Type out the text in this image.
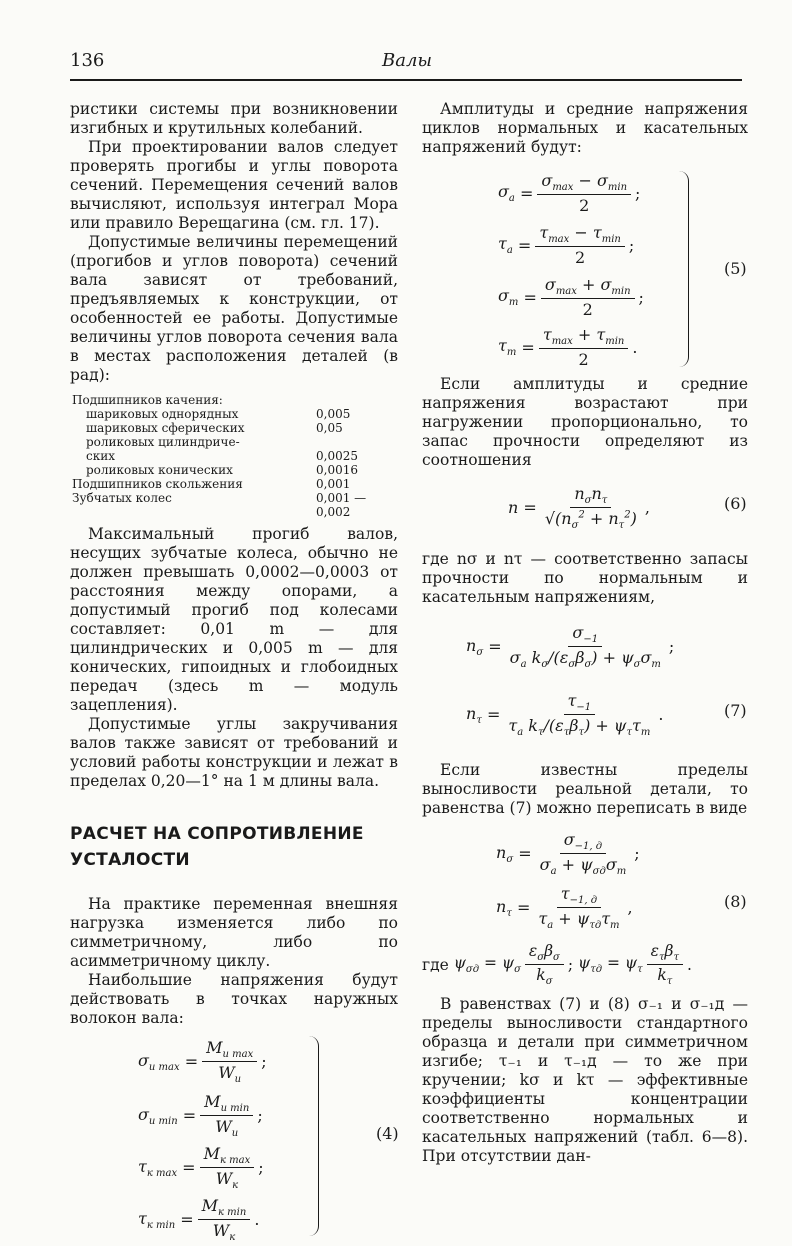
136	Валы

ристики системы при возникновении изгибных и крутильных колебаний.

При проектировании валов следует проверять прогибы и углы поворота сечений. Перемещения сечений валов вычисляют, используя интеграл Мора или правило Верещагина (см. гл. 17).

Допустимые величины перемещений (прогибов и углов поворота) сечений вала зависят от требований, предъявляемых к конструкции, от особенностей ее работы. Допустимые величины углов поворота сечения вала в местах расположения деталей (в рад):

Подшипников качения:
шариковых однорядных	0,005
шариковых сферических	0,05
роликовых цилиндриче-
ских	0,0025
роликовых конических	0,0016
Подшипников скольжения	0,001
Зубчатых колес	0,001 — 0,002

Максимальный прогиб валов, несущих зубчатые колеса, обычно не должен превышать 0,0002—0,0003 от расстояния между опорами, а допустимый прогиб под колесами составляет: 0,01 m — для цилиндрических и 0,005 m — для конических, гипоидных и глобоидных передач (здесь m — модуль зацепления).

Допустимые углы закручивания валов также зависят от требований и условий работы конструкции и лежат в пределах 0,20—1° на 1 м длины вала.

РАСЧЕТ НА СОПРОТИВЛЕНИЕ
УСТАЛОСТИ

На практике переменная внешняя нагрузка изменяется либо по симметричному, либо по асимметричному циклу.

Наибольшие напряжения будут действовать в точках наружных волокон вала:

$\sigma_{и max} = \frac{M_{и max}}{W_и}$ ;
$\sigma_{и min} = \frac{M_{и min}}{W_и}$ ;
$\tau_{к max} = \frac{M_{к max}}{W_к}$ ;
$\tau_{к min} = \frac{M_{к min}}{W_к}$ .
(4)

Амплитуды и средние напряжения циклов нормальных и касательных напряжений будут:

$\sigma_a = \frac{\sigma_{max} - \sigma_{min}}{2}$ ;
$\tau_a = \frac{\tau_{max} - \tau_{min}}{2}$ ;
$\sigma_m = \frac{\sigma_{max} + \sigma_{min}}{2}$ ;
$\tau_m = \frac{\tau_{max} + \tau_{min}}{2}$ .
(5)

Если амплитуды и средние напряжения возрастают при нагружении пропорционально, то запас прочности определяют из соотношения

$n = \frac{n_\sigma n_\tau}{√(n_\sigma^2 + n_\tau^2)}$ ,	(6)

где nσ и nτ — соответственно запасы прочности по нормальным и касательным напряжениям,

$n_\sigma = \frac{\sigma_{-1}}{\sigma_a k_\sigma/(\varepsilon_\sigma\beta_\sigma) + \psi_\sigma\sigma_m}$ ;
$n_\tau = \frac{\tau_{-1}}{\tau_a k_\tau/(\varepsilon_\tau\beta_\tau) + \psi_\tau\tau_m}$ .	(7)

Если известны пределы выносливости реальной детали, то равенства (7) можно переписать в виде

$n_\sigma = \frac{\sigma_{-1, д}}{\sigma_a + \psi_{\sigma д}\sigma_m}$ ;
$n_\tau = \frac{\tau_{-1, д}}{\tau_a + \psi_{\tau д}\tau_m}$ ,	(8)
где $\psi_{\sigma д} = \psi_\sigma \frac{\varepsilon_\sigma\beta_\sigma}{k_\sigma}$ ; $\psi_{\tau д} = \psi_\tau \frac{\varepsilon_\tau\beta_\tau}{k_\tau}$ .

В равенствах (7) и (8) σ₋₁ и σ₋₁д — пределы выносливости стандартного образца и детали при симметричном изгибе; τ₋₁ и τ₋₁д — то же при кручении; kσ и kτ — эффективные коэффициенты концентрации соответственно нормальных и касательных напряжений (табл. 6—8). При отсутствии дан-
